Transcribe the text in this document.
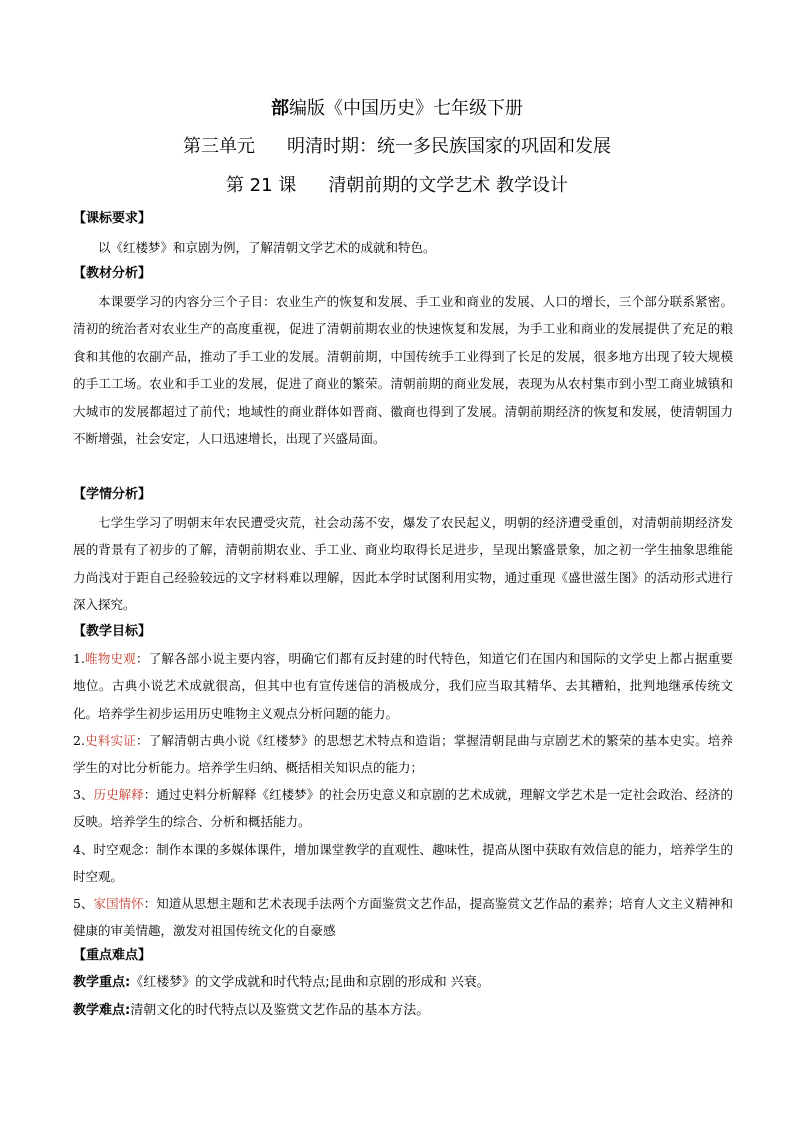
部编版《中国历史》七年级下册
第三单元 明清时期：统一多民族国家的巩固和发展
第 21 课 清朝前期的文学艺术 教学设计
【课标要求】
以《红楼梦》和京剧为例，了解清朝文学艺术的成就和特色。
【教材分析】
本课要学习的内容分三个子目：农业生产的恢复和发展、手工业和商业的发展、人口的增长，三个部分联系紧密。清初的统治者对农业生产的高度重视，促进了清朝前期农业的快速恢复和发展，为手工业和商业的发展提供了充足的粮食和其他的农副产品，推动了手工业的发展。清朝前期，中国传统手工业得到了长足的发展，很多地方出现了较大规模的手工工场。农业和手工业的发展，促进了商业的繁荣。清朝前期的商业发展，表现为从农村集市到小型工商业城镇和大城市的发展都超过了前代；地域性的商业群体如晋商、徽商也得到了发展。清朝前期经济的恢复和发展，使清朝国力不断增强，社会安定，人口迅速增长，出现了兴盛局面。
【学情分析】
七学生学习了明朝末年农民遭受灾荒，社会动荡不安，爆发了农民起义，明朝的经济遭受重创，对清朝前期经济发展的背景有了初步的了解，清朝前期农业、手工业、商业均取得长足进步，呈现出繁盛景象，加之初一学生抽象思维能力尚浅对于距自己经验较远的文字材料难以理解，因此本学时试图利用实物，通过重现《盛世滋生图》的活动形式进行深入探究。
【教学目标】
1.唯物史观：了解各部小说主要内容，明确它们都有反封建的时代特色，知道它们在国内和国际的文学史上都占据重要地位。古典小说艺术成就很高，但其中也有宣传迷信的消极成分，我们应当取其精华、去其糟粕，批判地继承传统文化。培养学生初步运用历史唯物主义观点分析问题的能力。
2.史料实证：了解清朝古典小说《红楼梦》的思想艺术特点和造诣；掌握清朝昆曲与京剧艺术的繁荣的基本史实。培养学生的对比分析能力。培养学生归纳、概括相关知识点的能力；
3、历史解释：通过史料分析解释《红楼梦》的社会历史意义和京剧的艺术成就，理解文学艺术是一定社会政治、经济的反映。培养学生的综合、分析和概括能力。
4、时空观念：制作本课的多媒体课件，增加课堂教学的直观性、趣味性，提高从图中获取有效信息的能力，培养学生的时空观。
5、家国情怀：知道从思想主题和艺术表现手法两个方面鉴赏文艺作品，提高鉴赏文艺作品的素养；培育人文主义精神和健康的审美情趣，激发对祖国传统文化的自豪感
【重点难点】
教学重点:《红楼梦》的文学成就和时代特点;昆曲和京剧的形成和 兴衰。
教学难点:清朝文化的时代特点以及鉴赏文艺作品的基本方法。
